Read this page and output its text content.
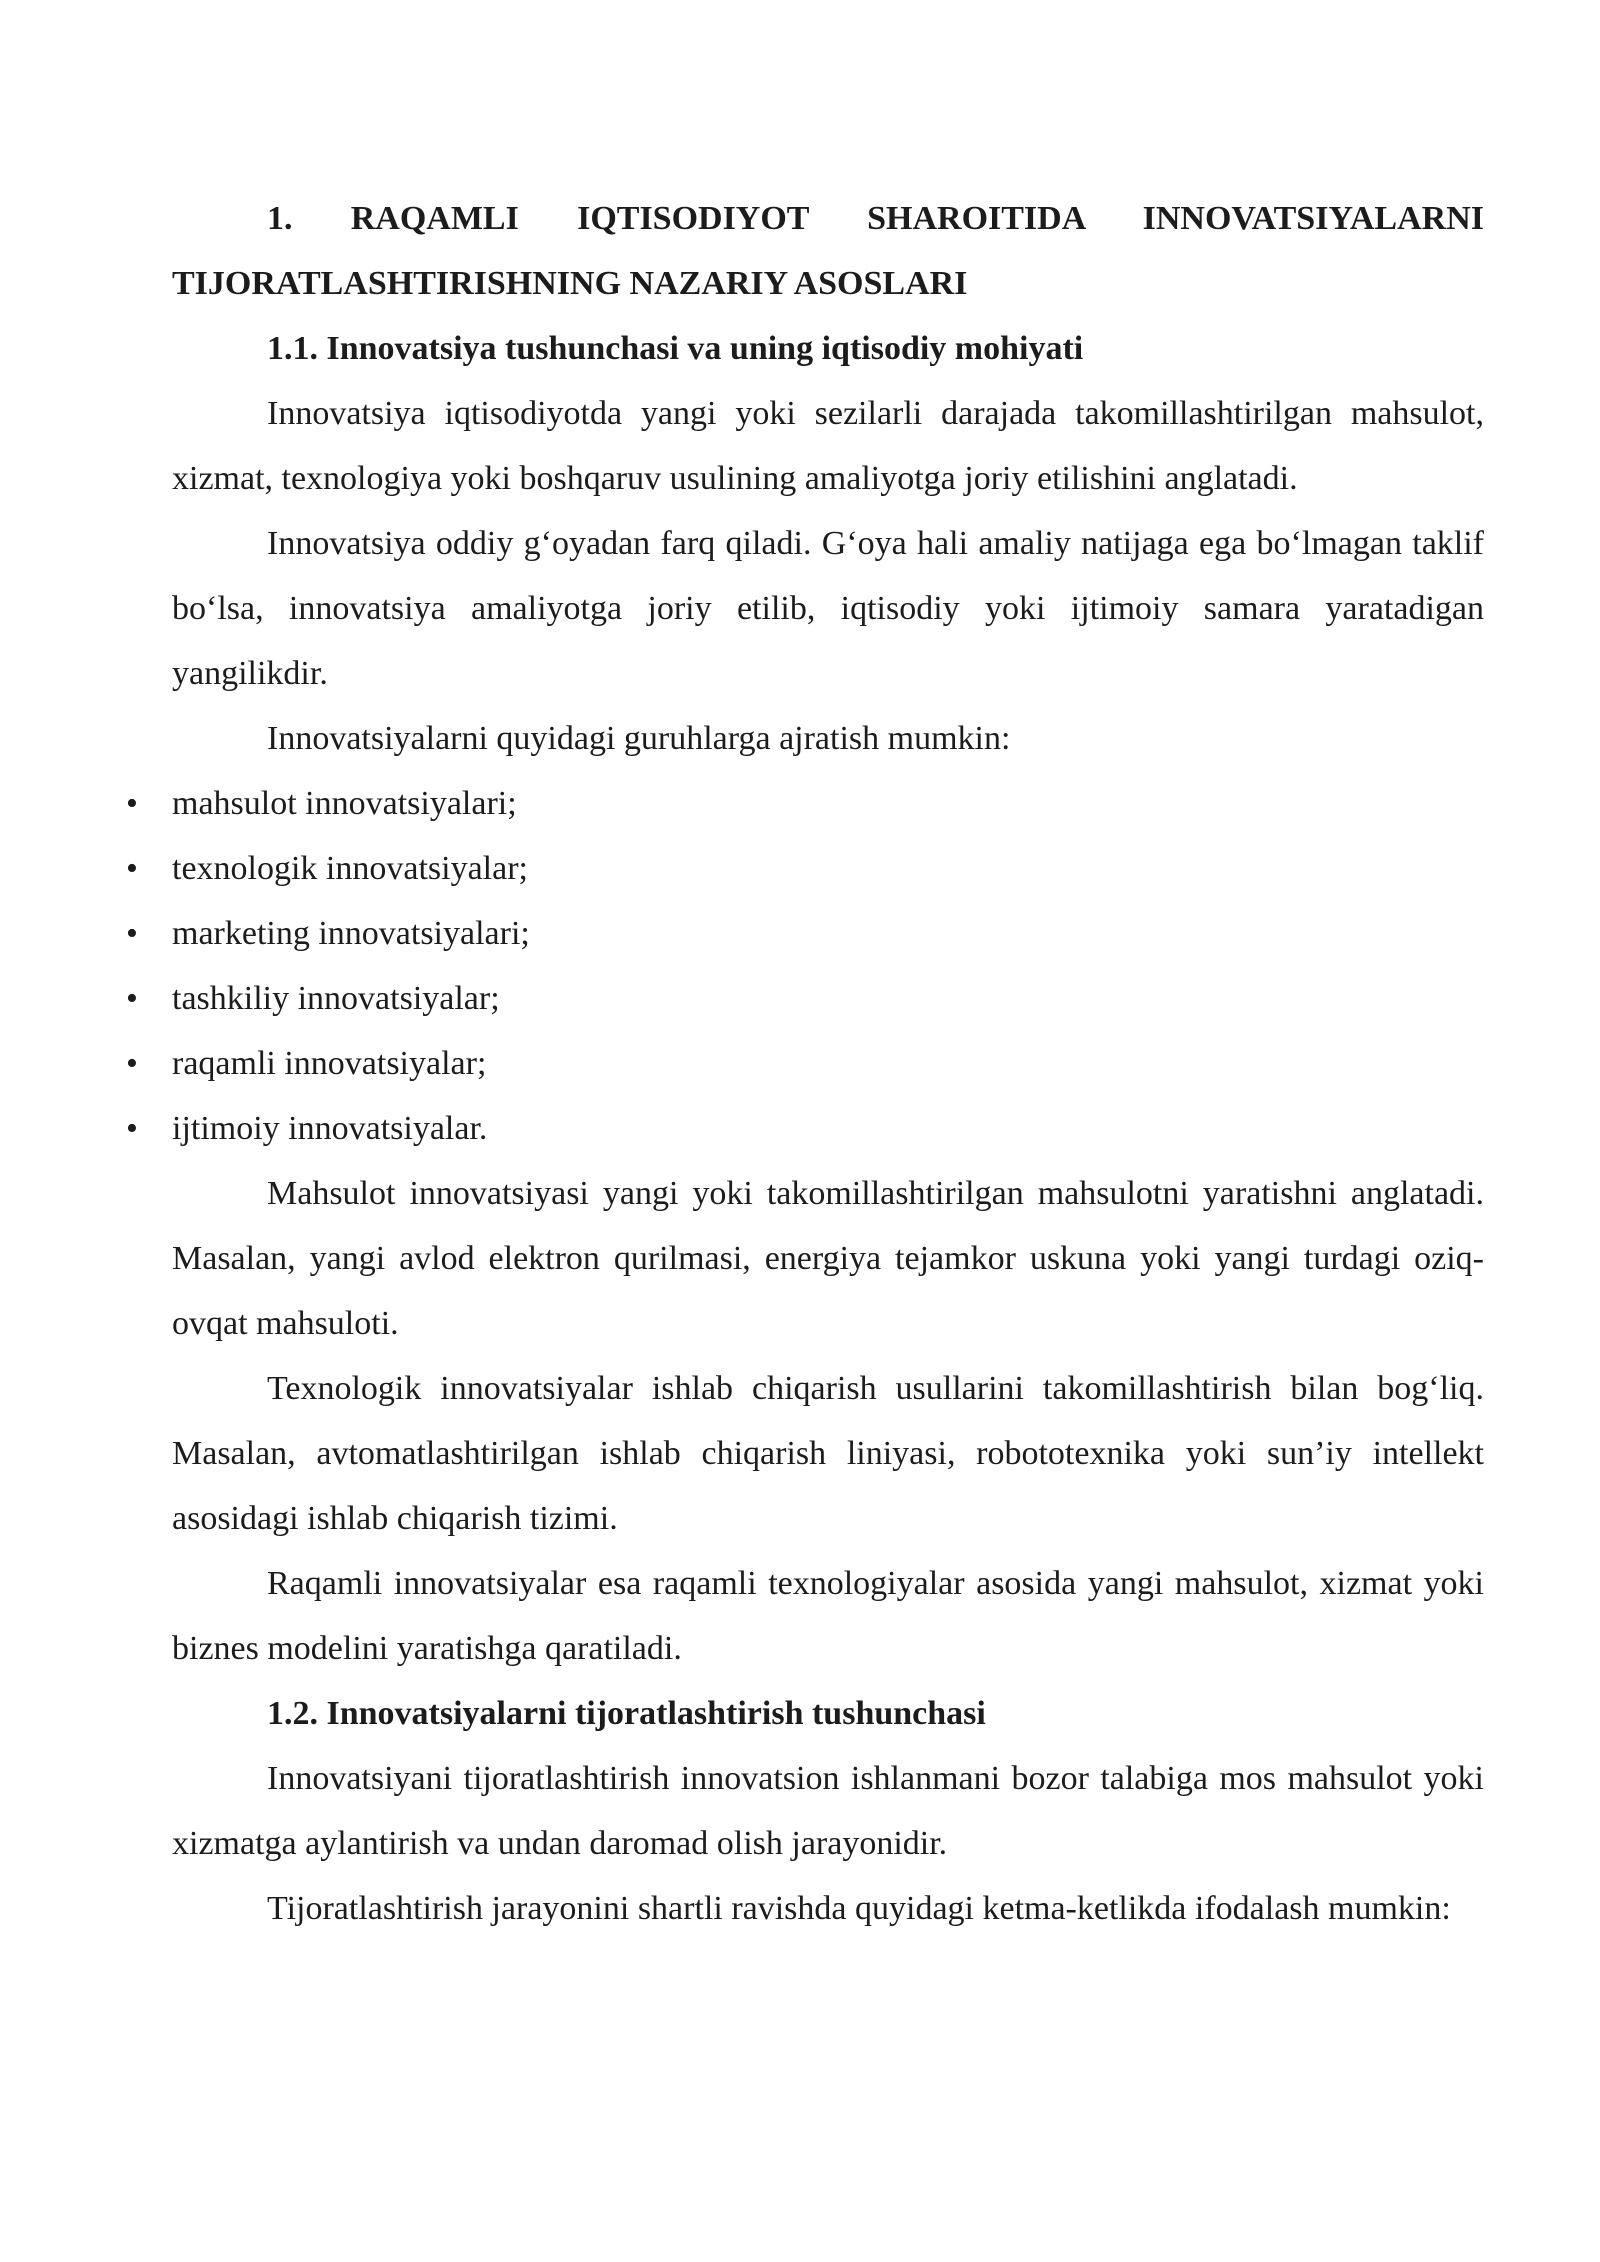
1. RAQAMLI IQTISODIYOT SHAROITIDA INNOVATSIYALARNI TIJORATLASHTIRISHNING NAZARIY ASOSLARI

1.1. Innovatsiya tushunchasi va uning iqtisodiy mohiyati

Innovatsiya iqtisodiyotda yangi yoki sezilarli darajada takomillashtirilgan mahsulot, xizmat, texnologiya yoki boshqaruv usulining amaliyotga joriy etilishini anglatadi.

Innovatsiya oddiy g‘oyadan farq qiladi. G‘oya hali amaliy natijaga ega bo‘lmagan taklif bo‘lsa, innovatsiya amaliyotga joriy etilib, iqtisodiy yoki ijtimoiy samara yaratadigan yangilikdir.

Innovatsiyalarni quyidagi guruhlarga ajratish mumkin:

• mahsulot innovatsiyalari;
• texnologik innovatsiyalar;
• marketing innovatsiyalari;
• tashkiliy innovatsiyalar;
• raqamli innovatsiyalar;
• ijtimoiy innovatsiyalar.

Mahsulot innovatsiyasi yangi yoki takomillashtirilgan mahsulotni yaratishni anglatadi. Masalan, yangi avlod elektron qurilmasi, energiya tejamkor uskuna yoki yangi turdagi oziq-ovqat mahsuloti.

Texnologik innovatsiyalar ishlab chiqarish usullarini takomillashtirish bilan bog‘liq. Masalan, avtomatlashtirilgan ishlab chiqarish liniyasi, robototexnika yoki sun’iy intellekt asosidagi ishlab chiqarish tizimi.

Raqamli innovatsiyalar esa raqamli texnologiyalar asosida yangi mahsulot, xizmat yoki biznes modelini yaratishga qaratiladi.

1.2. Innovatsiyalarni tijoratlashtirish tushunchasi

Innovatsiyani tijoratlashtirish innovatsion ishlanmani bozor talabiga mos mahsulot yoki xizmatga aylantirish va undan daromad olish jarayonidir.

Tijoratlashtirish jarayonini shartli ravishda quyidagi ketma-ketlikda ifodalash mumkin:
